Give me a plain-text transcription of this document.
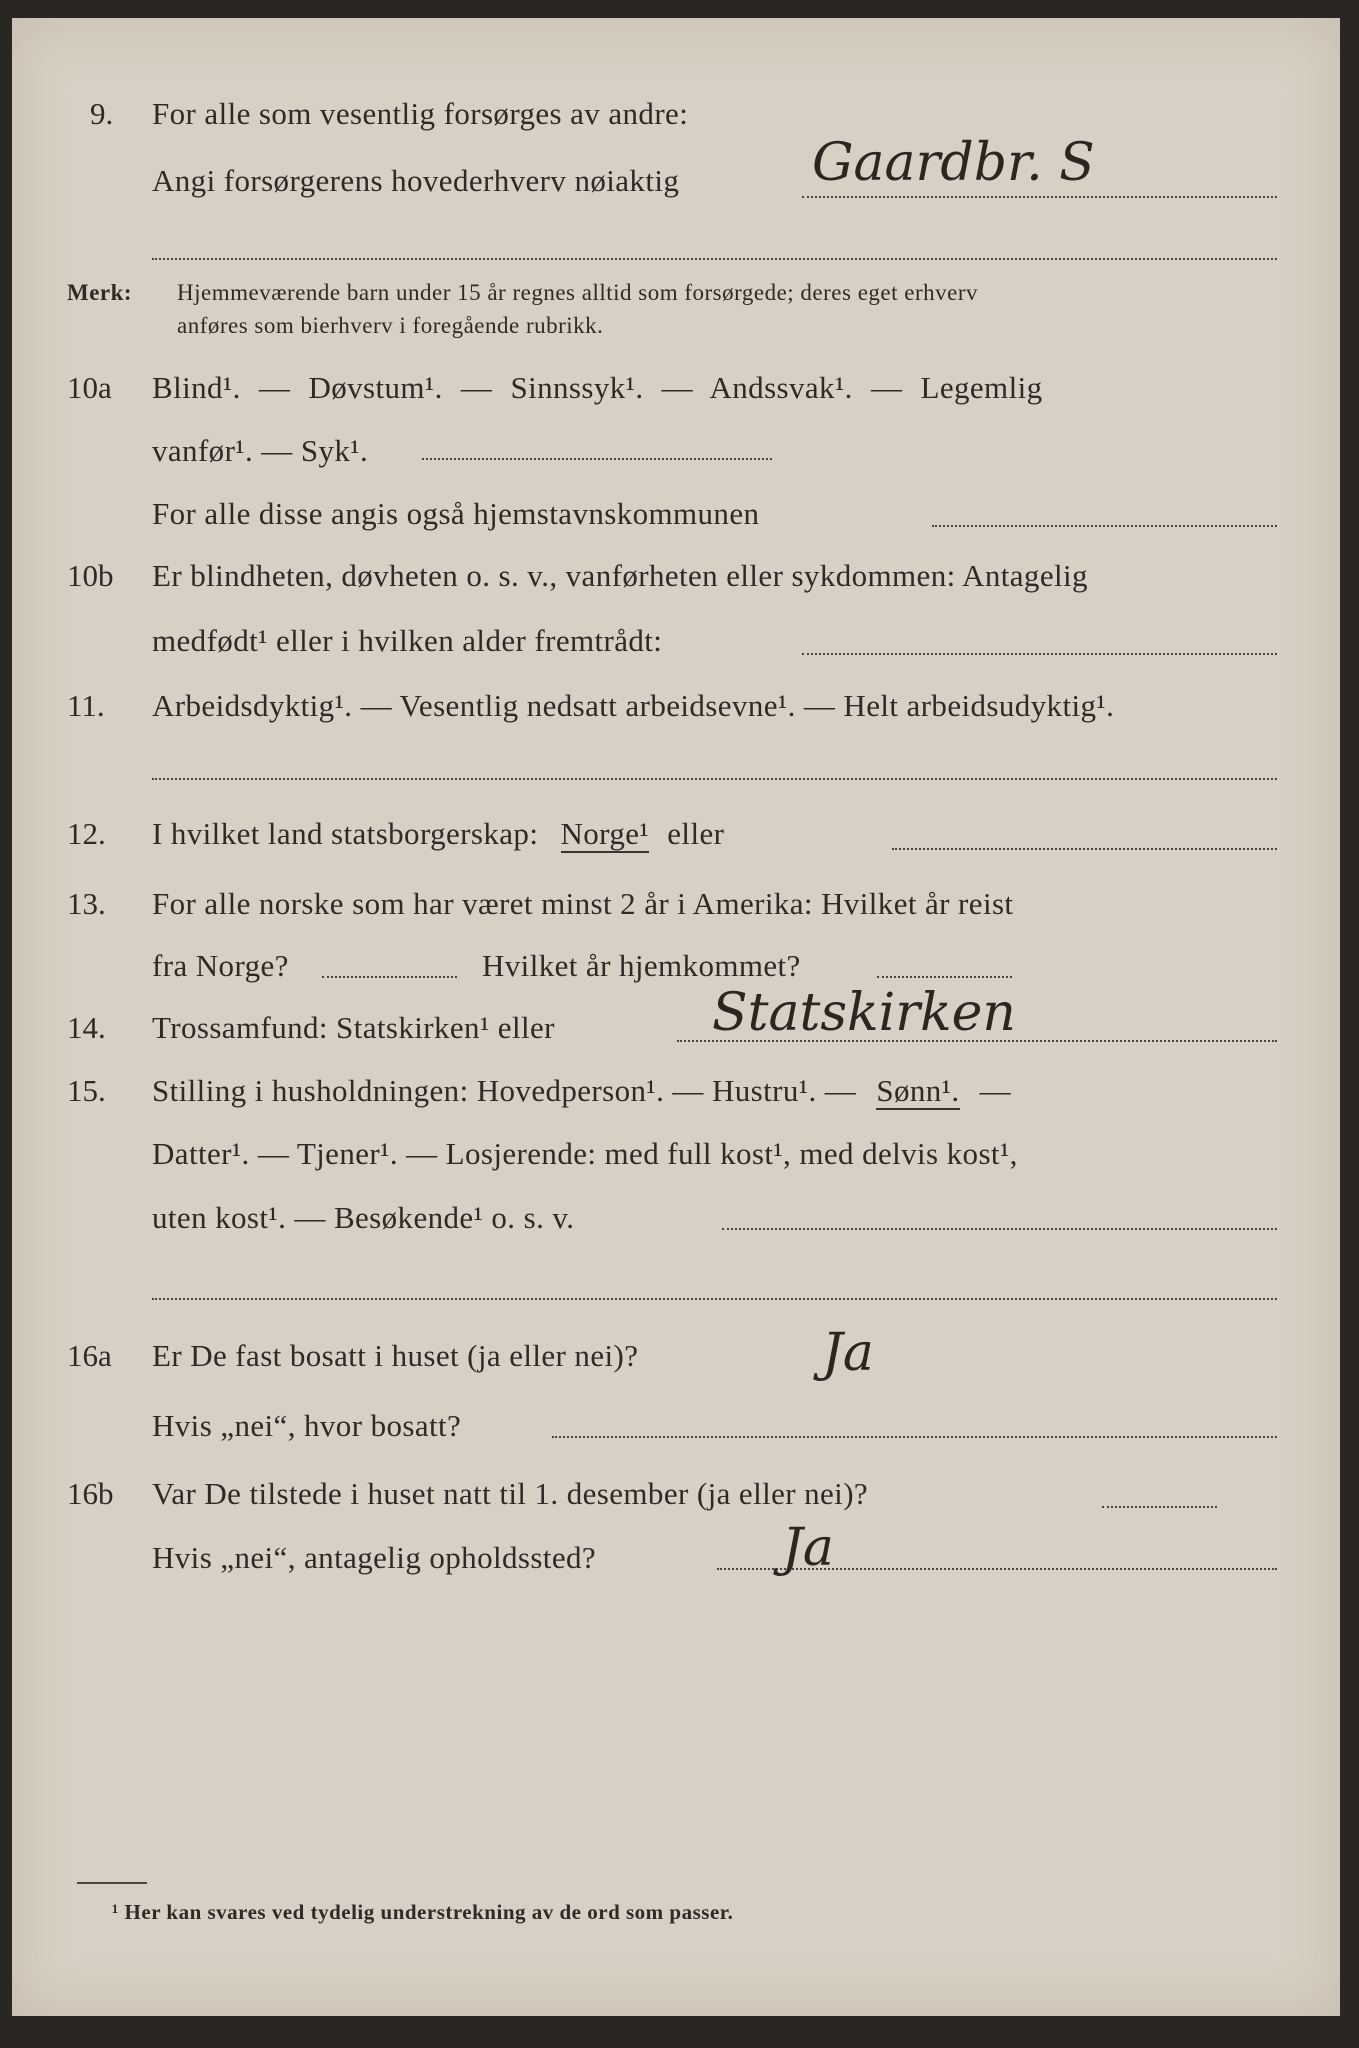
9. For alle som vesentlig forsørges av andre:
Angi forsørgerens hovederhverv nøiaktig	Gaardbr. S
Merk: Hjemmeværende barn under 15 år regnes alltid som forsørgede; deres eget erhverv
anføres som bierhverv i foregående rubrikk.
10a Blind¹. — Døvstum¹. — Sinnssyk¹. — Andssvak¹. — Legemlig
vanfør¹. — Syk¹.
For alle disse angis også hjemstavnskommunen
10b Er blindheten, døvheten o. s. v., vanførheten eller sykdommen: Antagelig
medfødt¹ eller i hvilken alder fremtrådt:
11. Arbeidsdyktig¹. — Vesentlig nedsatt arbeidsevne¹. — Helt arbeidsudyktig¹.
12. I hvilket land statsborgerskap: Norge¹ eller
13. For alle norske som har været minst 2 år i Amerika: Hvilket år reist
fra Norge?	Hvilket år hjemkommet?
14. Trossamfund: Statskirken¹ eller	Statskirken
15. Stilling i husholdningen: Hovedperson¹. — Hustru¹. — Sønn¹. —
Datter¹. — Tjener¹. — Losjerende: med full kost¹, med delvis kost¹,
uten kost¹. — Besøkende¹ o. s. v.
16a Er De fast bosatt i huset (ja eller nei)?	Ja
Hvis „nei“, hvor bosatt?
16b Var De tilstede i huset natt til 1. desember (ja eller nei)?
Hvis „nei“, antagelig opholdssted?	Ja
¹ Her kan svares ved tydelig understrekning av de ord som passer.
